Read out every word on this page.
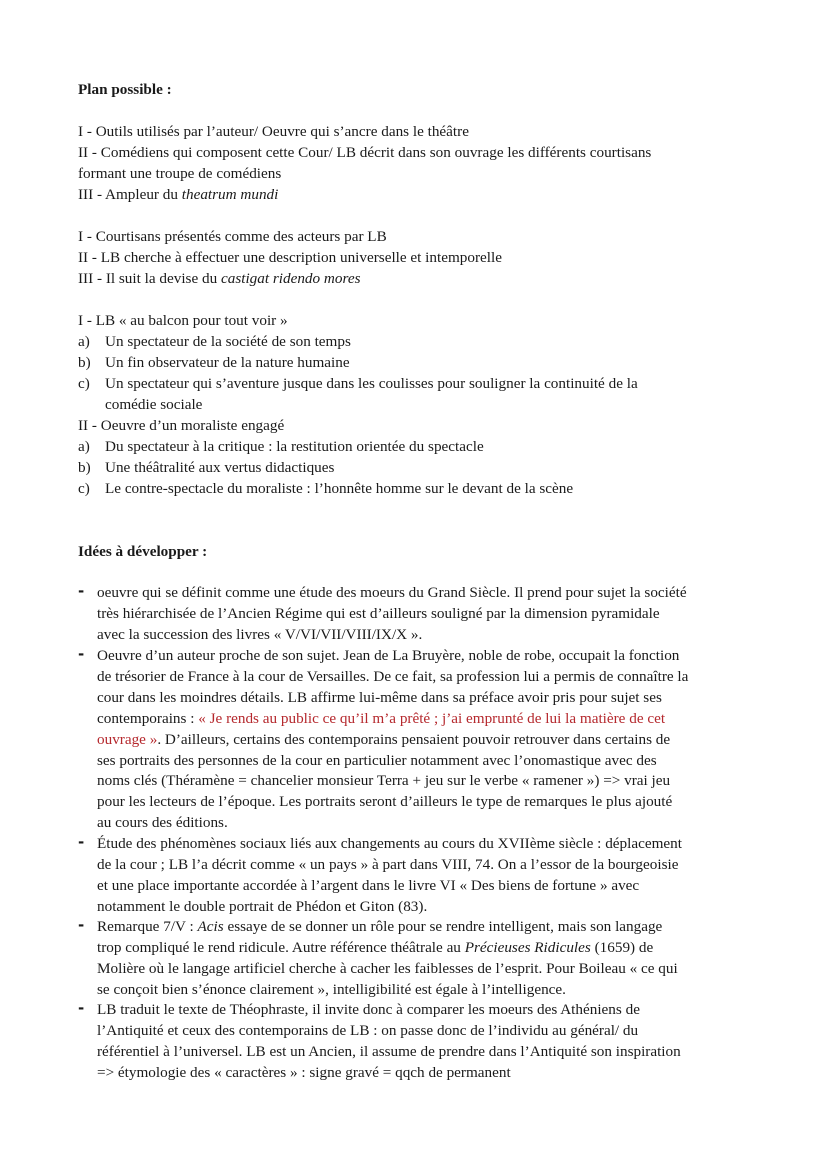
Plan possible :
I - Outils utilisés par l’auteur/ Oeuvre qui s’ancre dans le théâtre
II - Comédiens qui composent cette Cour/ LB décrit dans son ouvrage les différents courtisans
formant une troupe de comédiens
III - Ampleur du theatrum mundi
I - Courtisans présentés comme des acteurs par LB
II - LB cherche à effectuer une description universelle et intemporelle
III - Il suit la devise du castigat ridendo mores
I - LB « au balcon pour tout voir »
a) Un spectateur de la société de son temps
b) Un fin observateur de la nature humaine
c) Un spectateur qui s’aventure jusque dans les coulisses pour souligner la continuité de la
comédie sociale
II - Oeuvre d’un moraliste engagé
a) Du spectateur à la critique : la restitution orientée du spectacle
b) Une théâtralité aux vertus didactiques
c) Le contre-spectacle du moraliste : l’honnête homme sur le devant de la scène
Idées à développer :
- oeuvre qui se définit comme une étude des moeurs du Grand Siècle. Il prend pour sujet la société
très hiérarchisée de l’Ancien Régime qui est d’ailleurs souligné par la dimension pyramidale
avec la succession des livres « V/VI/VII/VIII/IX/X ».
- Oeuvre d’un auteur proche de son sujet. Jean de La Bruyère, noble de robe, occupait la fonction
de trésorier de France à la cour de Versailles. De ce fait, sa profession lui a permis de connaître la
cour dans les moindres détails. LB affirme lui-même dans sa préface avoir pris pour sujet ses
contemporains : « Je rends au public ce qu’il m’a prêté ; j’ai emprunté de lui la matière de cet
ouvrage ». D’ailleurs, certains des contemporains pensaient pouvoir retrouver dans certains de
ses portraits des personnes de la cour en particulier notamment avec l’onomastique avec des
noms clés (Théramène = chancelier monsieur Terra + jeu sur le verbe « ramener ») => vrai jeu
pour les lecteurs de l’époque. Les portraits seront d’ailleurs le type de remarques le plus ajouté
au cours des éditions.
- Étude des phénomènes sociaux liés aux changements au cours du XVIIème siècle : déplacement
de la cour ; LB l’a décrit comme « un pays » à part dans VIII, 74. On a l’essor de la bourgeoisie
et une place importante accordée à l’argent dans le livre VI « Des biens de fortune » avec
notamment le double portrait de Phédon et Giton (83).
- Remarque 7/V : Acis essaye de se donner un rôle pour se rendre intelligent, mais son langage
trop compliqué le rend ridicule. Autre référence théâtrale au Précieuses Ridicules (1659) de
Molière où le langage artificiel cherche à cacher les faiblesses de l’esprit. Pour Boileau « ce qui
se conçoit bien s’énonce clairement », intelligibilité est égale à l’intelligence.
- LB traduit le texte de Théophraste, il invite donc à comparer les moeurs des Athéniens de
l’Antiquité et ceux des contemporains de LB : on passe donc de l’individu au général/ du
référentiel à l’universel. LB est un Ancien, il assume de prendre dans l’Antiquité son inspiration
=> étymologie des « caractères » : signe gravé = qqch de permanent
